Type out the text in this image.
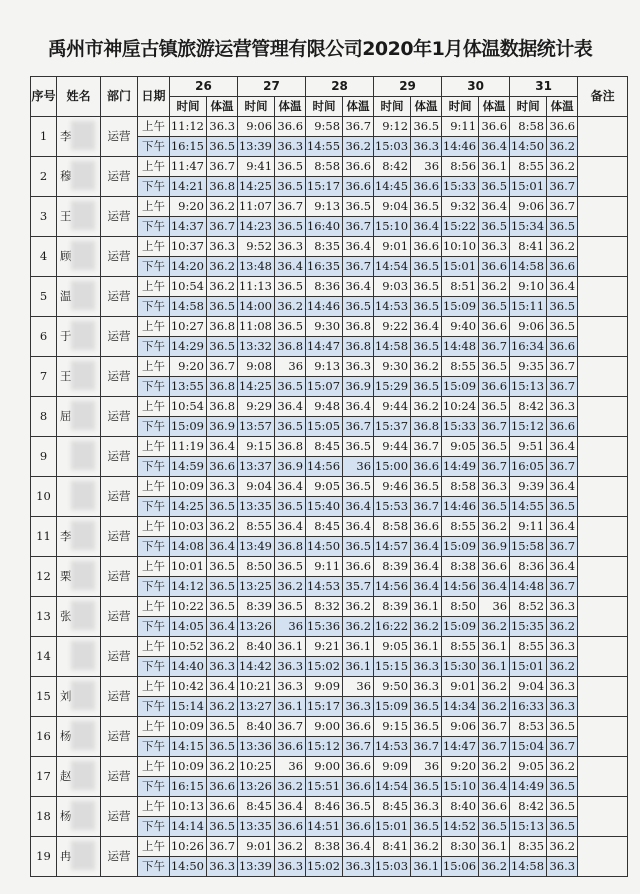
禹州市神垕古镇旅游运营管理有限公司2020年1月体温数据统计表
序号	姓名	部门	日期	26		27		28		29		30		31		备注
				时间	体温	时间	体温	时间	体温	时间	体温	时间	体温	时间	体温	
1	李	运营	上午	11:12	36.3	9:06	36.6	9:58	36.7	9:12	36.5	9:11	36.6	8:58	36.6	
			下午	16:15	36.5	13:39	36.3	14:55	36.2	15:03	36.3	14:46	36.4	14:50	36.2	
2	穆	运营	上午	11:47	36.7	9:41	36.5	8:58	36.6	8:42	36	8:56	36.1	8:55	36.2	
			下午	14:21	36.8	14:25	36.5	15:17	36.6	14:45	36.6	15:33	36.5	15:01	36.7	
3	王	运营	上午	9:20	36.2	11:07	36.7	9:13	36.5	9:04	36.5	9:32	36.4	9:06	36.7	
			下午	14:37	36.7	14:23	36.5	16:40	36.7	15:10	36.4	15:22	36.5	15:34	36.5	
4	顾	运营	上午	10:37	36.3	9:52	36.3	8:35	36.4	9:01	36.6	10:10	36.3	8:41	36.2	
			下午	14:20	36.2	13:48	36.4	16:35	36.7	14:54	36.5	15:01	36.6	14:58	36.6	
5	温	运营	上午	10:54	36.2	11:13	36.5	8:36	36.4	9:03	36.5	8:51	36.2	9:10	36.4	
			下午	14:58	36.5	14:00	36.2	14:46	36.5	14:53	36.5	15:09	36.5	15:11	36.5	
6	于	运营	上午	10:27	36.8	11:08	36.5	9:30	36.8	9:22	36.4	9:40	36.6	9:06	36.5	
			下午	14:29	36.5	13:32	36.8	14:47	36.8	14:58	36.5	14:48	36.7	16:34	36.6	
7	王	运营	上午	9:20	36.7	9:08	36	9:13	36.3	9:30	36.2	8:55	36.5	9:35	36.7	
			下午	13:55	36.8	14:25	36.5	15:07	36.9	15:29	36.5	15:09	36.6	15:13	36.7	
8	屈	运营	上午	10:54	36.8	9:29	36.4	9:48	36.4	9:44	36.2	10:24	36.5	8:42	36.3	
			下午	15:09	36.9	13:57	36.5	15:05	36.7	15:37	36.8	15:33	36.7	15:12	36.6	
9		运营	上午	11:19	36.4	9:15	36.8	8:45	36.5	9:44	36.7	9:05	36.5	9:51	36.4	
			下午	14:59	36.6	13:37	36.9	14:56	36	15:00	36.6	14:49	36.7	16:05	36.7	
10		运营	上午	10:09	36.3	9:04	36.4	9:05	36.5	9:46	36.5	8:58	36.3	9:39	36.4	
			下午	14:25	36.5	13:35	36.5	15:40	36.4	15:53	36.7	14:46	36.5	14:55	36.5	
11	李	运营	上午	10:03	36.2	8:55	36.4	8:45	36.4	8:58	36.6	8:55	36.2	9:11	36.4	
			下午	14:08	36.4	13:49	36.8	14:50	36.5	14:57	36.4	15:09	36.9	15:58	36.7	
12	栗	运营	上午	10:01	36.5	8:50	36.5	9:11	36.6	8:39	36.4	8:38	36.6	8:36	36.4	
			下午	14:12	36.5	13:25	36.2	14:53	35.7	14:56	36.4	14:56	36.4	14:48	36.7	
13	张	运营	上午	10:22	36.5	8:39	36.5	8:32	36.2	8:39	36.1	8:50	36	8:52	36.3	
			下午	14:05	36.4	13:26	36	15:36	36.2	16:22	36.2	15:09	36.2	15:35	36.2	
14		运营	上午	10:52	36.2	8:40	36.1	9:21	36.1	9:05	36.1	8:55	36.1	8:55	36.3	
			下午	14:40	36.3	14:42	36.3	15:02	36.1	15:15	36.3	15:30	36.1	15:01	36.2	
15	刘	运营	上午	10:42	36.4	10:21	36.3	9:09	36	9:50	36.3	9:01	36.2	9:04	36.3	
			下午	15:14	36.2	13:27	36.1	15:17	36.3	15:09	36.5	14:34	36.2	16:33	36.3	
16	杨	运营	上午	10:09	36.5	8:40	36.7	9:00	36.6	9:15	36.5	9:06	36.7	8:53	36.5	
			下午	14:15	36.5	13:36	36.6	15:12	36.7	14:53	36.7	14:47	36.7	15:04	36.7	
17	赵	运营	上午	10:09	36.2	10:25	36	9:00	36.6	9:09	36	9:20	36.2	9:05	36.2	
			下午	16:15	36.6	13:26	36.2	15:51	36.6	14:54	36.5	15:10	36.4	14:49	36.5	
18	杨	运营	上午	10:13	36.6	8:45	36.4	8:46	36.5	8:45	36.3	8:40	36.6	8:42	36.5	
			下午	14:14	36.5	13:35	36.6	14:51	36.6	15:01	36.5	14:52	36.5	15:13	36.5	
19	冉	运营	上午	10:26	36.7	9:01	36.2	8:38	36.4	8:41	36.2	8:30	36.1	8:35	36.2	
			下午	14:50	36.3	13:39	36.3	15:02	36.3	15:03	36.1	15:06	36.2	14:58	36.3	
